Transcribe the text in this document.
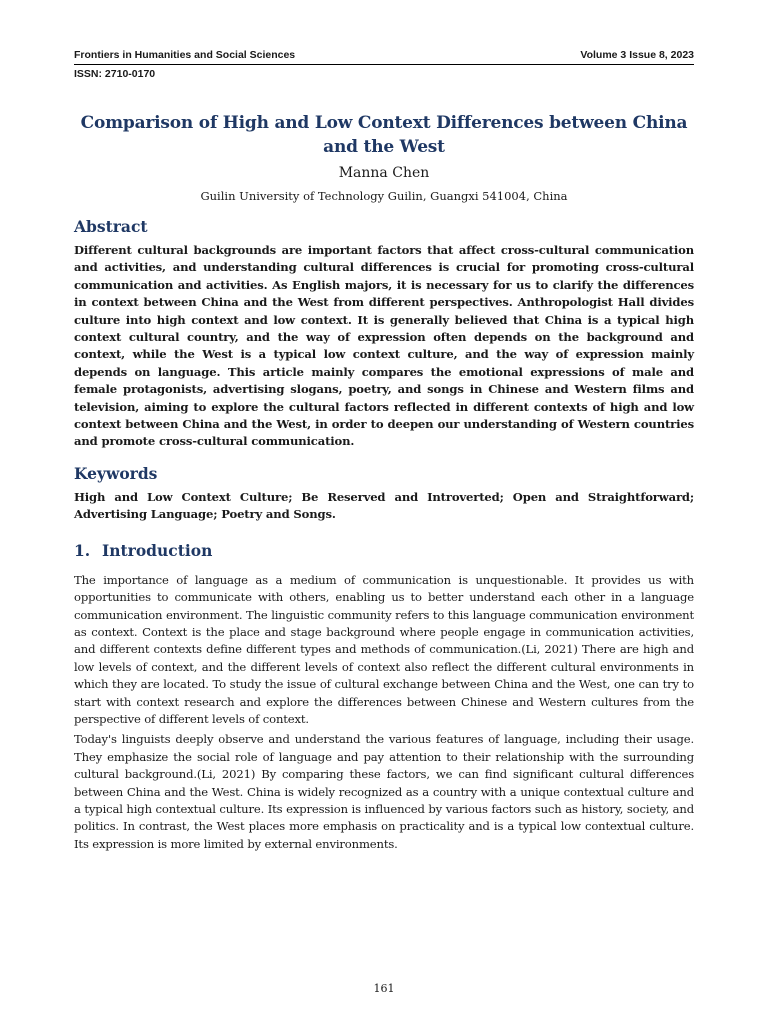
Frontiers in Humanities and Social Sciences	Volume 3 Issue 8, 2023
ISSN: 2710-0170
Comparison of High and Low Context Differences between China and the West
Manna Chen
Guilin University of Technology Guilin, Guangxi 541004, China
Abstract

Different cultural backgrounds are important factors that affect cross-cultural communication and activities, and understanding cultural differences is crucial for promoting cross-cultural communication and activities. As English majors, it is necessary for us to clarify the differences in context between China and the West from different perspectives. Anthropologist Hall divides culture into high context and low context. It is generally believed that China is a typical high context cultural country, and the way of expression often depends on the background and context, while the West is a typical low context culture, and the way of expression mainly depends on language. This article mainly compares the emotional expressions of male and female protagonists, advertising slogans, poetry, and songs in Chinese and Western films and television, aiming to explore the cultural factors reflected in different contexts of high and low context between China and the West, in order to deepen our understanding of Western countries and promote cross-cultural communication.

Keywords

High and Low Context Culture; Be Reserved and Introverted; Open and Straightforward; Advertising Language; Poetry and Songs.

1. Introduction

The importance of language as a medium of communication is unquestionable. It provides us with opportunities to communicate with others, enabling us to better understand each other in a language communication environment. The linguistic community refers to this language communication environment as context. Context is the place and stage background where people engage in communication activities, and different contexts define different types and methods of communication.(Li, 2021) There are high and low levels of context, and the different levels of context also reflect the different cultural environments in which they are located. To study the issue of cultural exchange between China and the West, one can try to start with context research and explore the differences between Chinese and Western cultures from the perspective of different levels of context.

Today's linguists deeply observe and understand the various features of language, including their usage. They emphasize the social role of language and pay attention to their relationship with the surrounding cultural background.(Li, 2021) By comparing these factors, we can find significant cultural differences between China and the West. China is widely recognized as a country with a unique contextual culture and a typical high contextual culture. Its expression is influenced by various factors such as history, society, and politics. In contrast, the West places more emphasis on practicality and is a typical low contextual culture. Its expression is more limited by external environments.

161
